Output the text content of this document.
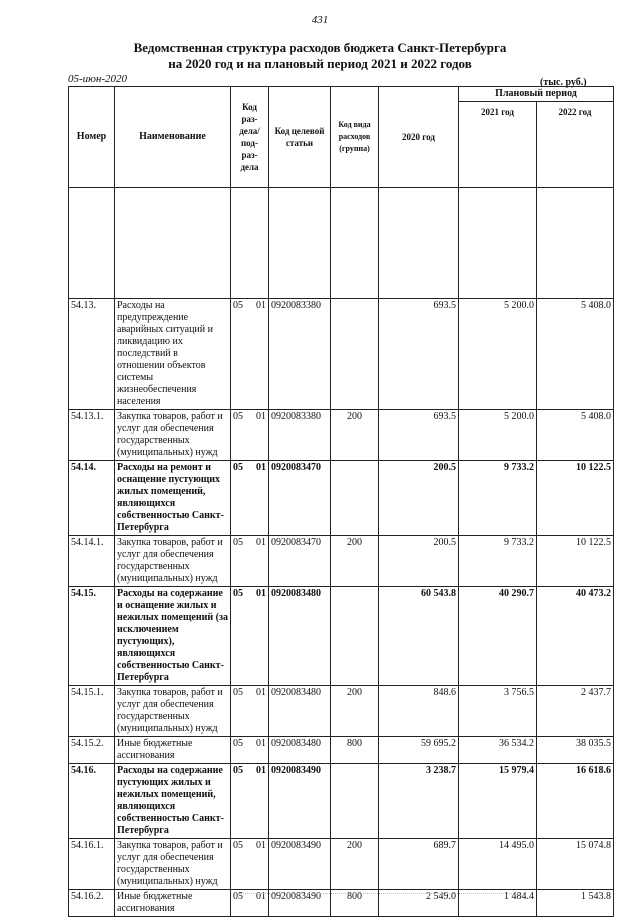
431
Ведомственная структура расходов бюджета Санкт-Петербурга
на 2020 год и на плановый период 2021 и 2022 годов
05-июн-2020	(тыс. руб.)
Номер	Наименование	Код раз-дела/ под-раз-дела	Код целевой статьи	Код вида расходов (группа)	2020 год	Плановый период	
						2021 год	2022 год

54.13.	Расходы на предупреждение аварийных ситуаций и ликвидацию их последствий в отношении объектов системы жизнеобеспечения населения	05 01	0920083380		693.5	5 200.0	5 408.0
54.13.1.	Закупка товаров, работ и услуг для обеспечения государственных (муниципальных) нужд	05 01	0920083380	200	693.5	5 200.0	5 408.0
54.14.	Расходы на ремонт и оснащение пустующих жилых помещений, являющихся собственностью Санкт-Петербурга	05 01	0920083470		200.5	9 733.2	10 122.5
54.14.1.	Закупка товаров, работ и услуг для обеспечения государственных (муниципальных) нужд	05 01	0920083470	200	200.5	9 733.2	10 122.5
54.15.	Расходы на содержание и оснащение жилых и нежилых помещений (за исключением пустующих), являющихся собственностью Санкт-Петербурга	05 01	0920083480		60 543.8	40 290.7	40 473.2
54.15.1.	Закупка товаров, работ и услуг для обеспечения государственных (муниципальных) нужд	05 01	0920083480	200	848.6	3 756.5	2 437.7
54.15.2.	Иные бюджетные ассигнования	05 01	0920083480	800	59 695.2	36 534.2	38 035.5
54.16.	Расходы на содержание пустующих жилых и нежилых помещений, являющихся собственностью Санкт-Петербурга	05 01	0920083490		3 238.7	15 979.4	16 618.6
54.16.1.	Закупка товаров, работ и услуг для обеспечения государственных (муниципальных) нужд	05 01	0920083490	200	689.7	14 495.0	15 074.8
54.16.2.	Иные бюджетные ассигнования	05 01	0920083490	800	2 549.0	1 484.4	1 543.8
